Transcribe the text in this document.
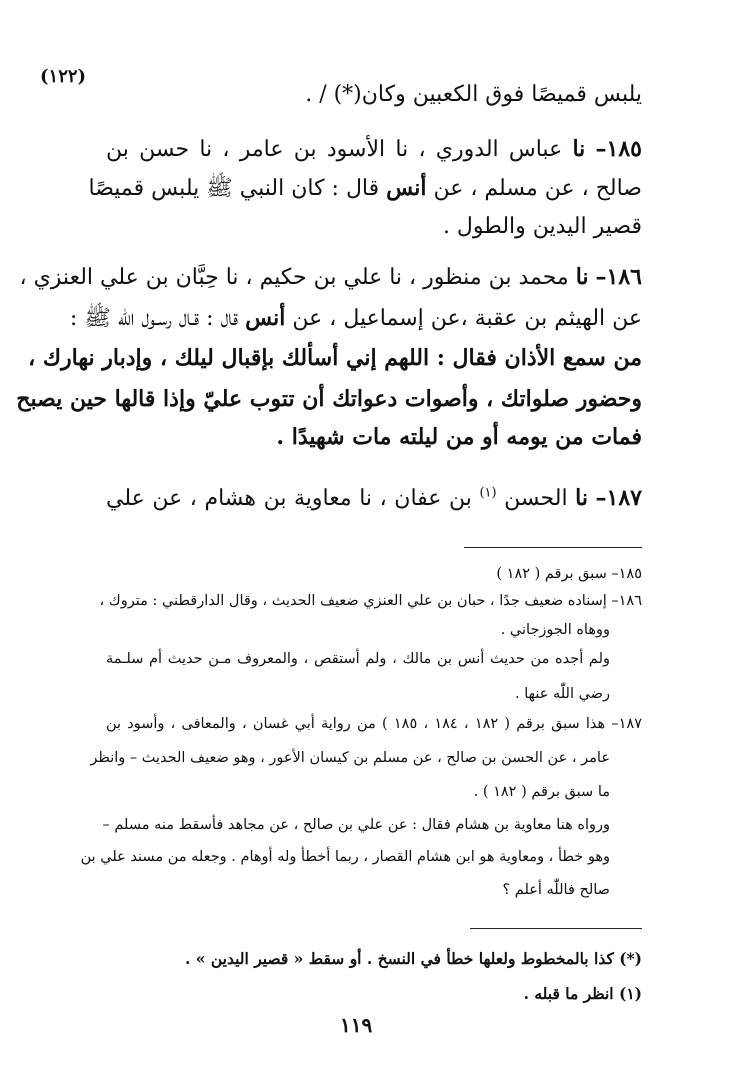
(١٢٢)
يلبس قميصًا فوق الكعبين وكان(*) / .
١٨٥– نا عباس الدوري ، نا الأسود بن عامر ، نا حسن بن
صالح ، عن مسلم ، عن أنس قال : كان النبي ﷺ يلبس قميصًا
قصير اليدين والطول .
١٨٦– نا محمد بن منظور ، نا علي بن حكيم ، نا حِبَّان بن علي العنزي ،
عن الهيثم بن عقبة ،عن إسماعيل ، عن أنس قال : قـال رسـول اللّٰه ﷺ :
من سمع الأذان فقال : اللهم إني أسألك بإقبال ليلك ، وإدبار نهارك ،
وحضور صلواتك ، وأصوات دعواتك أن تتوب عليّ وإذا قالها حين يصبح
فمات من يومه أو من ليلته مات شهيدًا .
١٨٧– نا الحسن $^{(١)}$ بن عفان ، نا معاوية بن هشام ، عن علي
١٨٥– سبق برقم ( ١٨٢ )
١٨٦– إسناده ضعيف جدًا ، حبان بن علي العنزي ضعيف الحديث ، وقال الدارقطني : متروك ،
ووهاه الجوزجاني .
ولم أجده من حديث أنس بن مالك ، ولم أستقص ، والمعروف مـن حديث أم سلـمة
رضي اللّٰه عنها .
١٨٧– هذا سبق برقم ( ١٨٢ ، ١٨٤ ، ١٨٥ ) من رواية أبي غسان ، والمعافى ، وأسود بن
عامر ، عن الحسن بن صالح ، عن مسلم بن كيسان الأعور ، وهو ضعيف الحديث – وانظر
ما سبق برقم ( ١٨٢ ) .
ورواه هنا معاوية بن هشام فقال : عن علي بن صالح ، عن مجاهد فأسقط منه مسلم –
وهو خطأ ، ومعاوية هو ابن هشام القصار ، ربما أخطأ وله أوهام . وجعله من مسند علي بن
صالح فاللّٰه أعلم ؟
(*) كذا بالمخطوط ولعلها خطأ في النسخ . أو سقط « قصير اليدين » .
(١) انظر ما قبله .
١١٩
